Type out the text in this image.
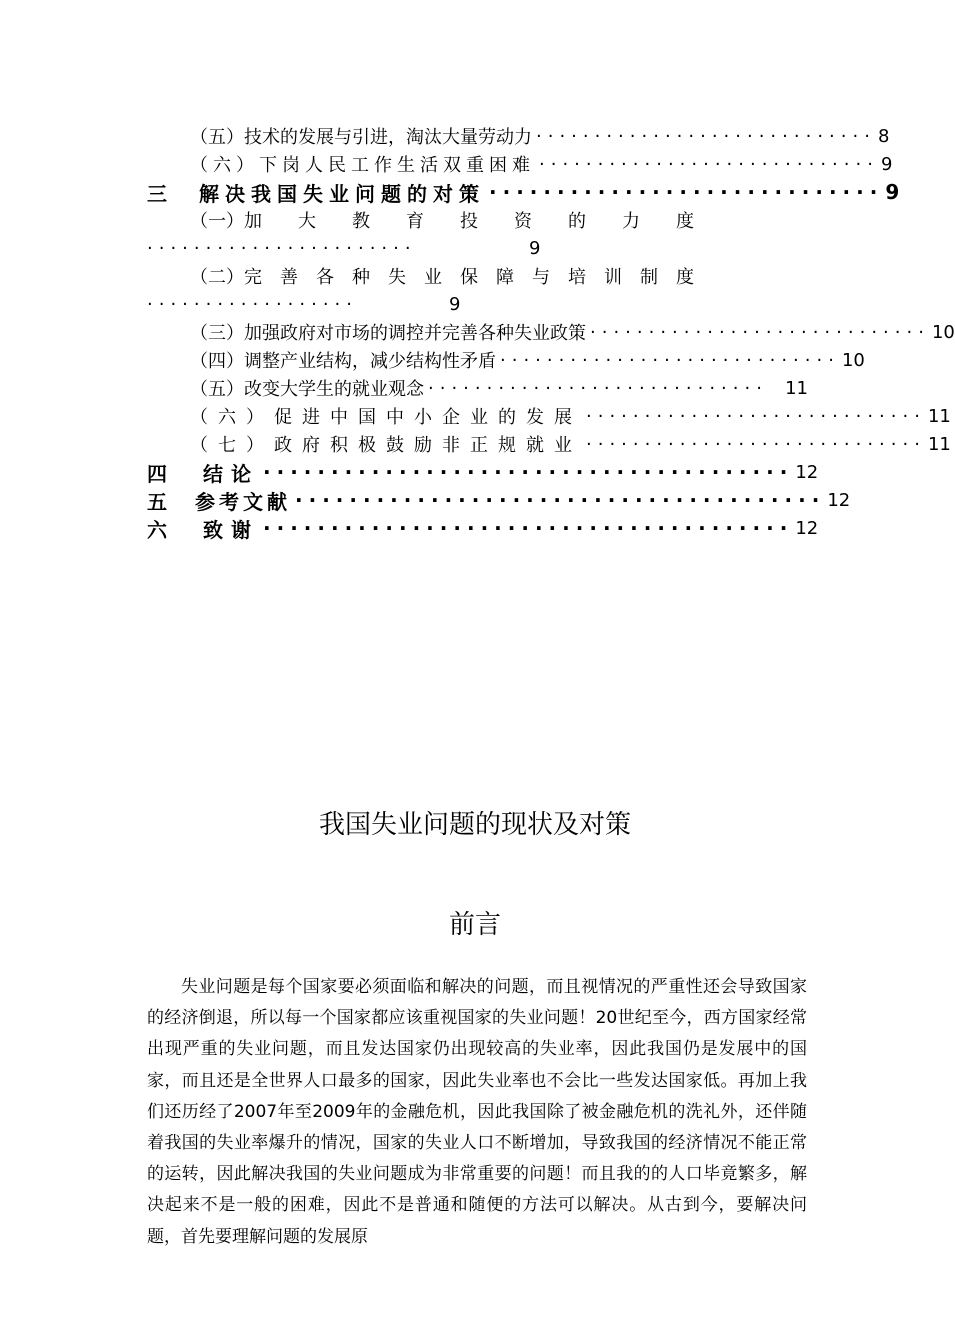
（五）技术的发展与引进，淘汰大量劳动力 ····························· 8
（六）下岗人民工作生活双重困难 ····························· 9
三　解决我国失业问题的对策 ····························· 9
（一）加　　大　　教　　育　　投　　资　　的　　力　　度
·······················	9
（二）完　善　各　种　失　业　保　障　与　培　训　制　度
··················	9
（三）加强政府对市场的调控并完善各种失业政策 ····························· 10
（四）调整产业结构，减少结构性矛盾 ····························· 10
（五）改变大学生的就业观念 ····························· 11
（六）促进中国中小企业的发展 ····························· 11
（七）政府积极鼓励非正规就业 ····························· 11
四　结论 ······································· 12
五　参考文献 ······································· 12
六　致谢 ······································· 12
我国失业问题的现状及对策
前言

失业问题是每个国家要必须面临和解决的问题，而且视情况的严重性还会导致国家的经济倒退，所以每一个国家都应该重视国家的失业问题！20世纪至今，西方国家经常出现严重的失业问题，而且发达国家仍出现较高的失业率，因此我国仍是发展中的国家，而且还是全世界人口最多的国家，因此失业率也不会比一些发达国家低。再加上我们还历经了2007年至2009年的金融危机，因此我国除了被金融危机的洗礼外，还伴随着我国的失业率爆升的情况，国家的失业人口不断增加，导致我国的经济情况不能正常的运转，因此解决我国的失业问题成为非常重要的问题！而且我的的人口毕竟繁多，解决起来不是一般的困难，因此不是普通和随便的方法可以解决。从古到今，要解决问题，首先要理解问题的发展原
